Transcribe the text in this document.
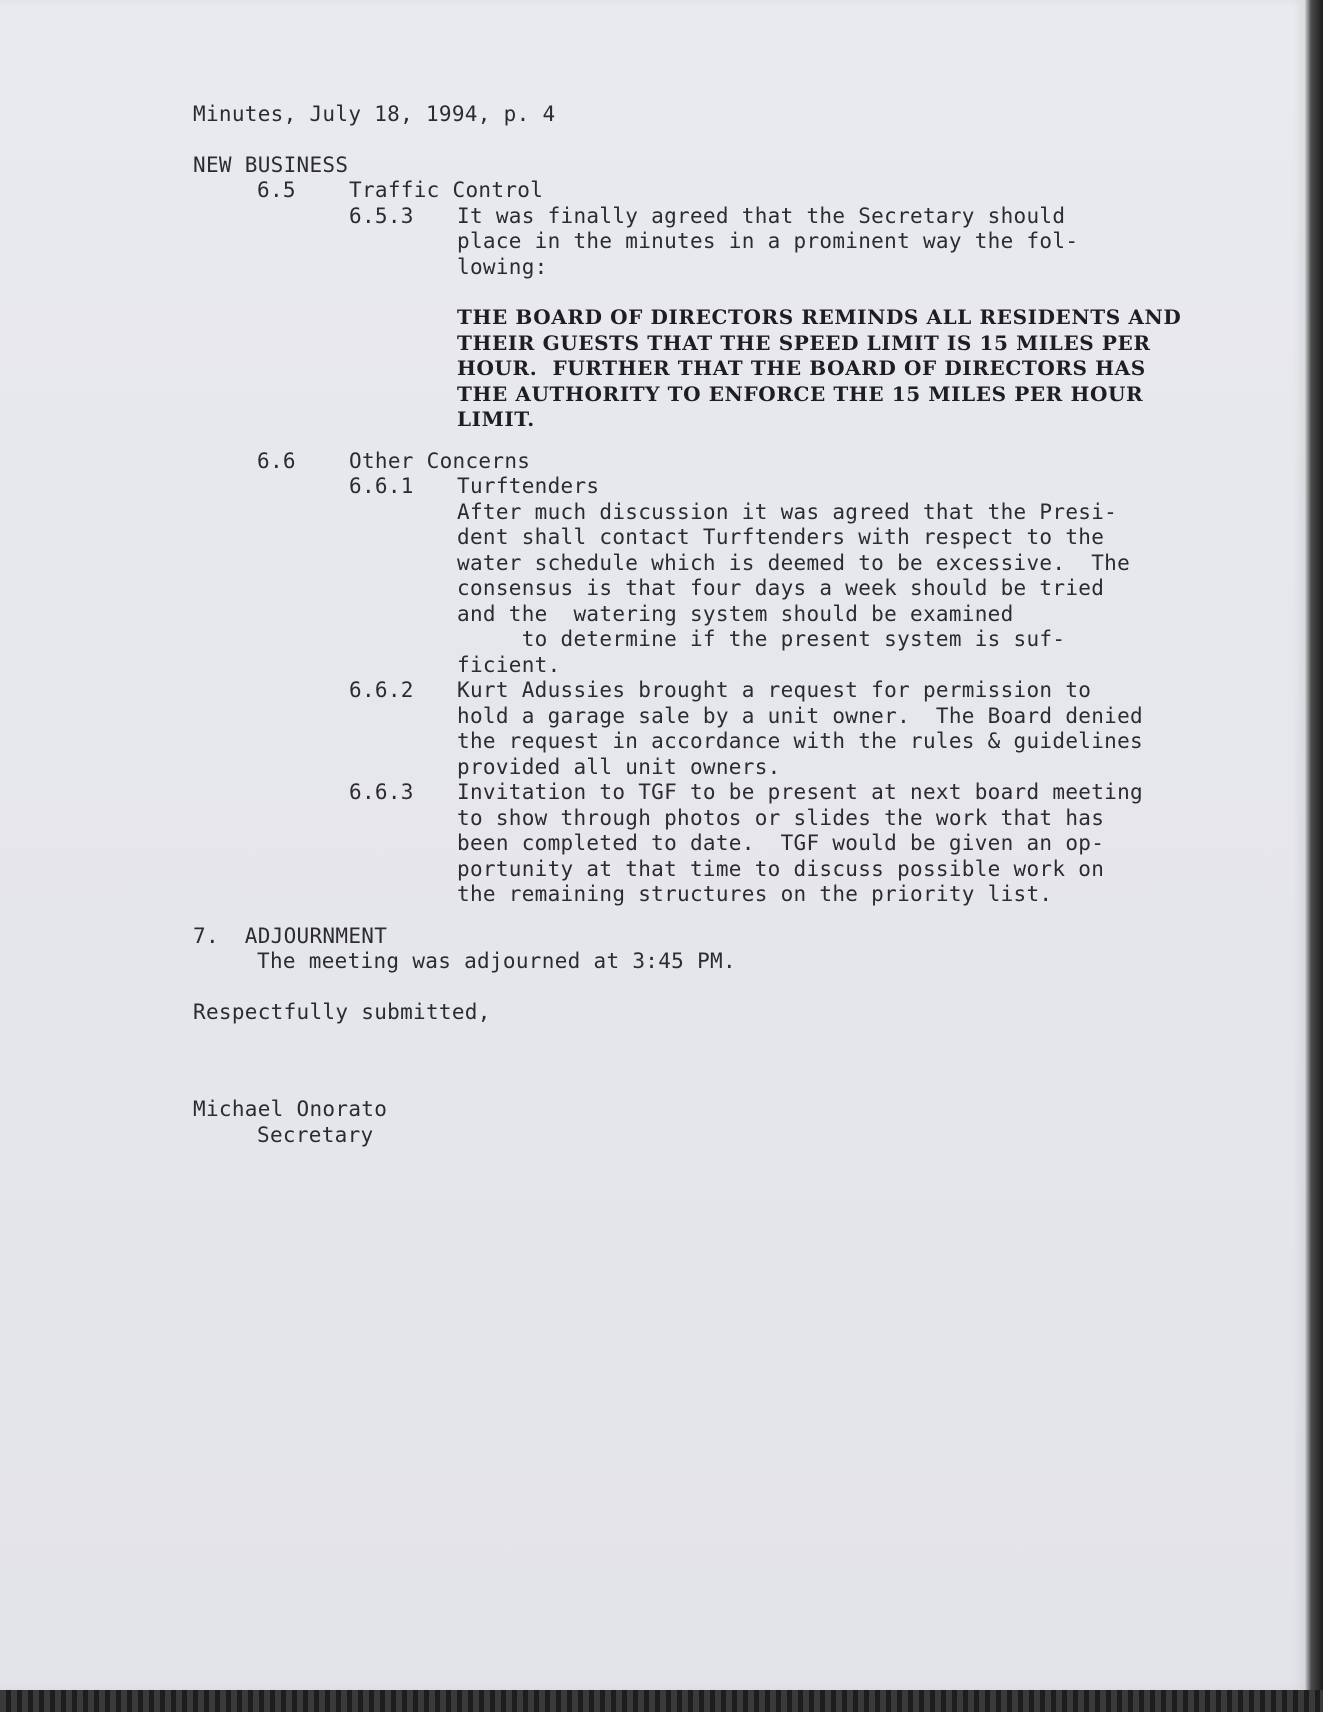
Minutes, July 18, 1994, p. 4
NEW BUSINESS
6.5	Traffic Control
6.5.3 It was finally agreed that the Secretary should
place in the minutes in a prominent way the fol-
lowing:
THE BOARD OF DIRECTORS REMINDS ALL RESIDENTS AND
THEIR GUESTS THAT THE SPEED LIMIT IS 15 MILES PER
HOUR.  FURTHER THAT THE BOARD OF DIRECTORS HAS
THE AUTHORITY TO ENFORCE THE 15 MILES PER HOUR
LIMIT.
6.6	Other Concerns
6.6.1 Turftenders
After much discussion it was agreed that the Presi-
dent shall contact Turftenders with respect to the
water schedule which is deemed to be excessive.  The
consensus is that four days a week should be tried
and the  watering system should be examined
to determine if the present system is suf-
ficient.
6.6.2 Kurt Adussies brought a request for permission to
hold a garage sale by a unit owner.  The Board denied
the request in accordance with the rules & guidelines
provided all unit owners.
6.6.3 Invitation to TGF to be present at next board meeting
to show through photos or slides the work that has
been completed to date.  TGF would be given an op-
portunity at that time to discuss possible work on
the remaining structures on the priority list.
7.  ADJOURNMENT
The meeting was adjourned at 3:45 PM.
Respectfully submitted,
Michael Onorato
Secretary
